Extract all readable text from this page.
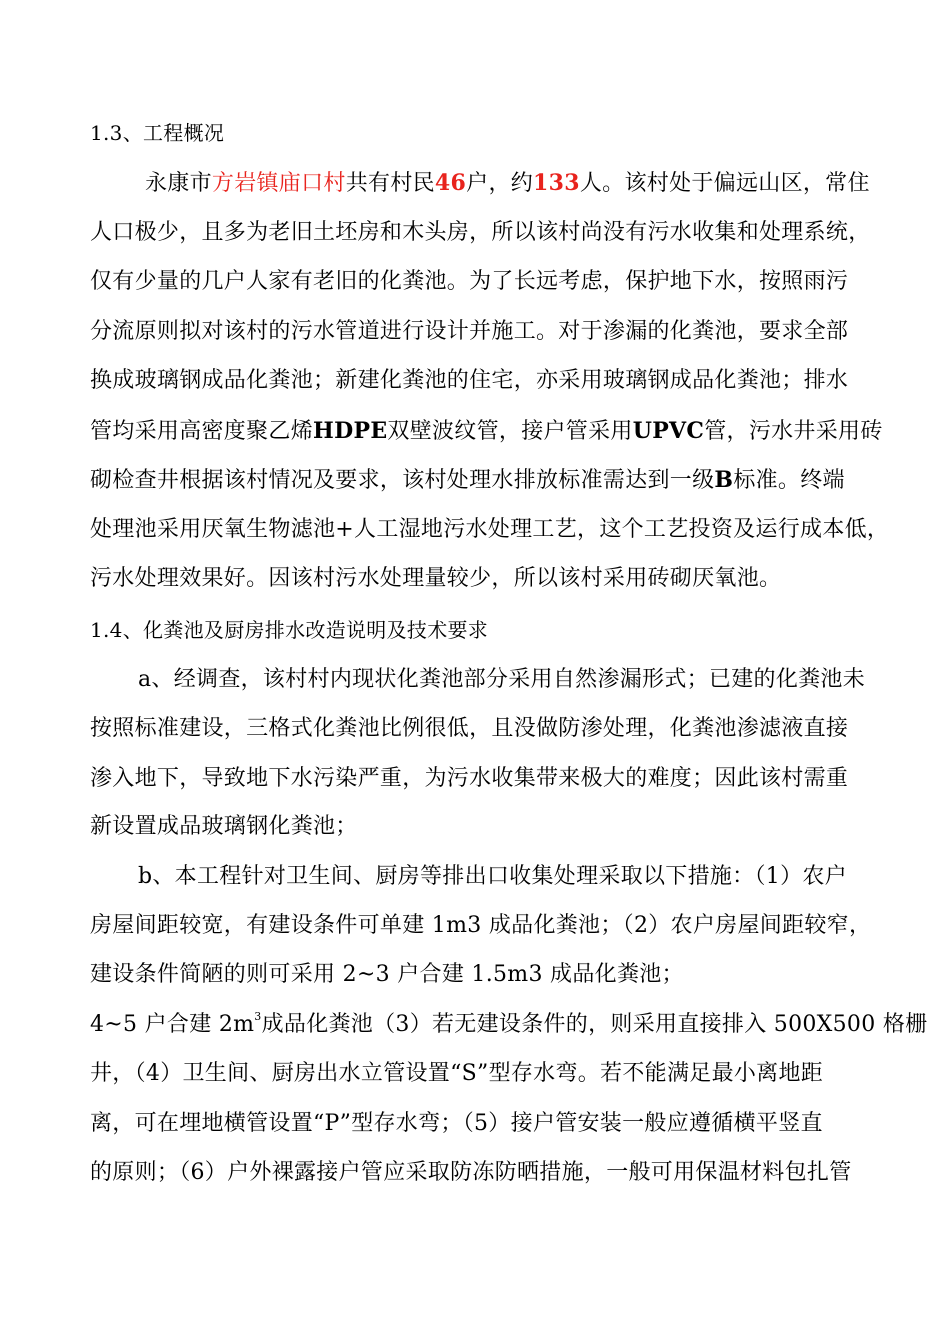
1.3、工程概况
永康市方岩镇庙口村共有村民46户，约133人。该村处于偏远山区，常住
人口极少，且多为老旧土坯房和木头房，所以该村尚没有污水收集和处理系统，
仅有少量的几户人家有老旧的化粪池。为了长远考虑，保护地下水，按照雨污
分流原则拟对该村的污水管道进行设计并施工。对于渗漏的化粪池，要求全部
换成玻璃钢成品化粪池；新建化粪池的住宅，亦采用玻璃钢成品化粪池；排水
管均采用高密度聚乙烯HDPE双壁波纹管，接户管采用UPVC管，污水井采用砖
砌检查井根据该村情况及要求，该村处理水排放标准需达到一级B标准。终端
处理池采用厌氧生物滤池+人工湿地污水处理工艺，这个工艺投资及运行成本低，
污水处理效果好。因该村污水处理量较少，所以该村采用砖砌厌氧池。
1.4、化粪池及厨房排水改造说明及技术要求
a、经调查，该村村内现状化粪池部分采用自然渗漏形式；已建的化粪池未
按照标准建设，三格式化粪池比例很低，且没做防渗处理，化粪池渗滤液直接
渗入地下，导致地下水污染严重，为污水收集带来极大的难度；因此该村需重
新设置成品玻璃钢化粪池；
b、本工程针对卫生间、厨房等排出口收集处理采取以下措施：（1）农户
房屋间距较宽，有建设条件可单建 1m3 成品化粪池；（2）农户房屋间距较窄，
建设条件简陋的则可采用 2~3 户合建 1.5m3 成品化粪池；
4~5 户合建 $2m^3$成品化粪池（3）若无建设条件的，则采用直接排入 500X500 格栅
井，（4）卫生间、厨房出水立管设置“S”型存水弯。若不能满足最小离地距
离，可在埋地横管设置“P”型存水弯；（5）接户管安装一般应遵循横平竖直
的原则；（6）户外裸露接户管应采取防冻防晒措施，一般可用保温材料包扎管
